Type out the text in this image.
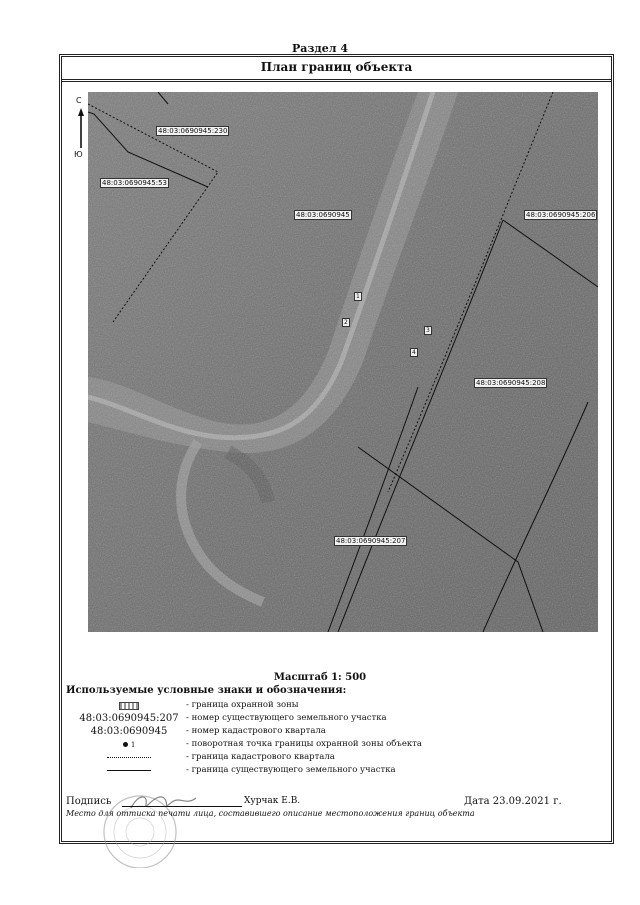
Раздел 4
План границ объекта
48:03:0690945:230
48:03:0690945:53
48:03:0690945	48:03:0690945:206
48:03:0690945:208
48:03:0690945:207
1
2
3
4
С
Ю
Масштаб 1: 500
Используемые условные знаки и обозначения:
- граница охранной зоны
48:03:0690945:207 - номер существующего земельного участка
48:03:0690945	- номер кадастрового квартала
1	- поворотная точка границы охранной зоны объекта
- граница кадастрового квартала
- граница существующего земельного участка
Подпись	Хурчак Е.В.	Дата 23.09.2021 г.
Место для оттиска печати лица, составившего описание местоположения границ объекта
